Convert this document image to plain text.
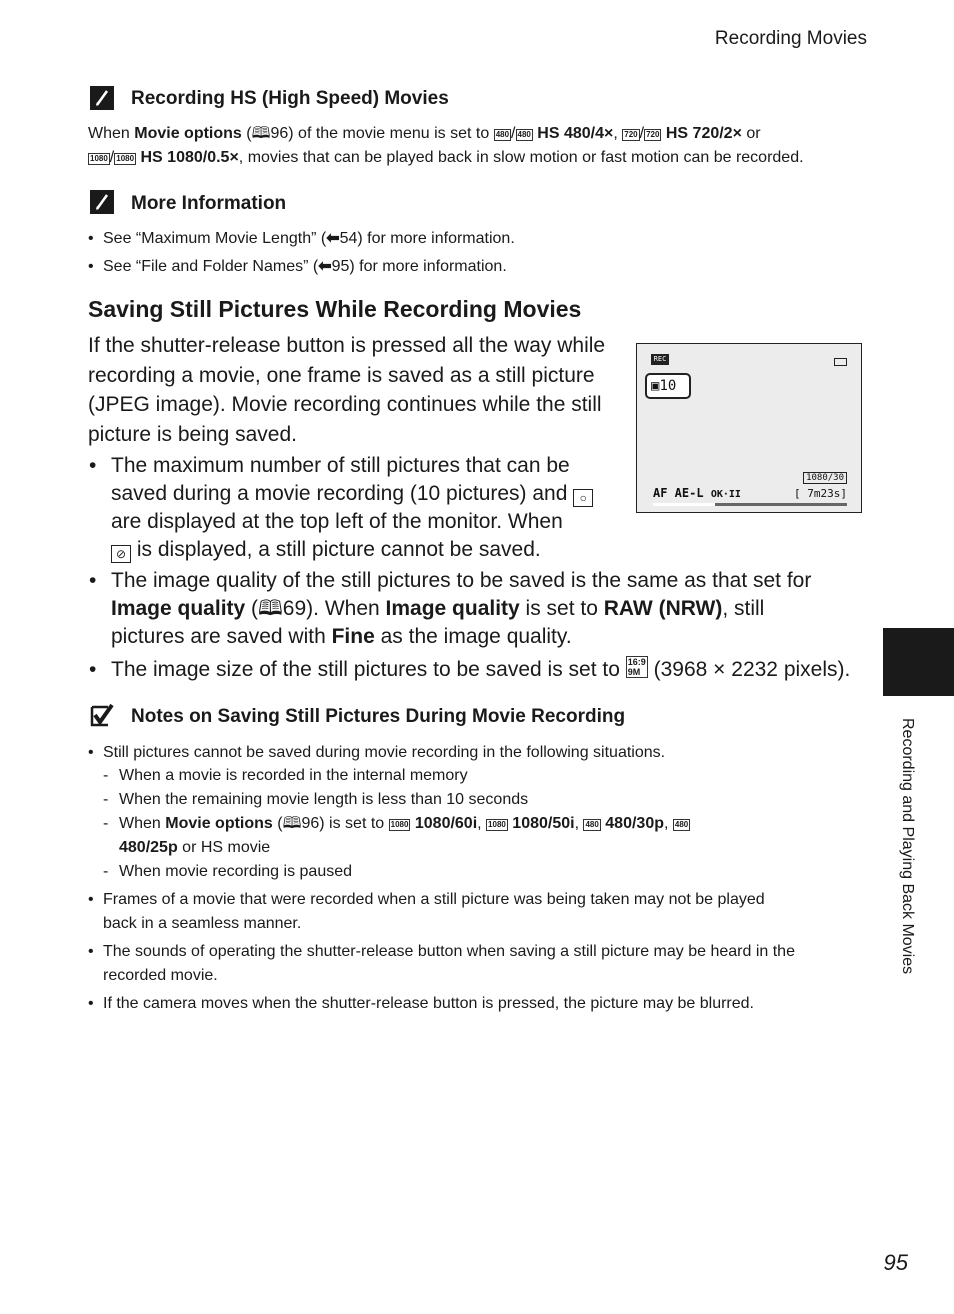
Recording Movies
Recording HS (High Speed) Movies
When Movie options (🕮96) of the movie menu is set to 480 / 480 HS 480/4×, 720 / 720 HS 720/2× or
1080 / 1080 HS 1080/0.5×, movies that can be played back in slow motion or fast motion can be recorded.
More Information
• See “Maximum Movie Length” (⬅54) for more information.
• See “File and Folder Names” (⬅95) for more information.
Saving Still Pictures While Recording Movies
If the shutter-release button is pressed all the way while
recording a movie, one frame is saved as a still picture
(JPEG image). Movie recording continues while the still
picture is being saved.
• The maximum number of still pictures that can be
saved during a movie recording (10 pictures) and ○
are displayed at the top left of the monitor. When
⊘ is displayed, a still picture cannot be saved.
• The image quality of the still pictures to be saved is the same as that set for
Image quality (🕮69). When Image quality is set to RAW (NRW), still
pictures are saved with Fine as the image quality.
• The image size of the still pictures to be saved is set to 16:9
9M (3968 × 2232 pixels).
REC
▣10
1080/30
AF AE-L OK·II	[ 7m23s]
Notes on Saving Still Pictures During Movie Recording
• Still pictures cannot be saved during movie recording in the following situations.
- When a movie is recorded in the internal memory
- When the remaining movie length is less than 10 seconds
- When Movie options (🕮96) is set to 1080 1080/60i, 1080 1080/50i, 480 480/30p, 480
480/25p or HS movie
- When movie recording is paused
• Frames of a movie that were recorded when a still picture was being taken may not be played
back in a seamless manner.
• The sounds of operating the shutter-release button when saving a still picture may be heard in the
recorded movie.
• If the camera moves when the shutter-release button is pressed, the picture may be blurred.
Recording and Playing Back Movies
95
